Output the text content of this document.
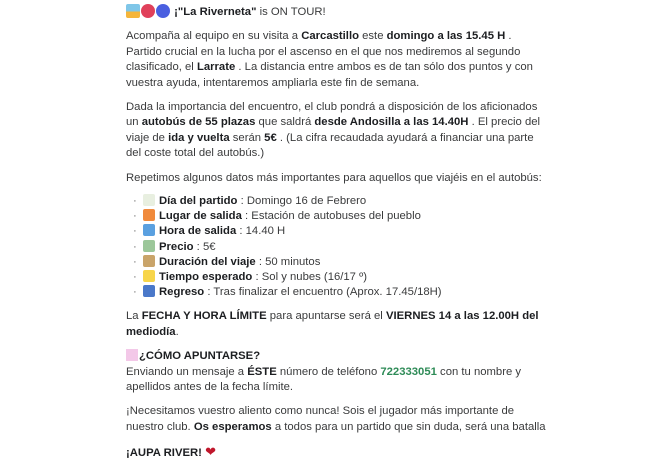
¡"La Riverneta" is ON TOUR!

Acompaña al equipo en su visita a Carcastillo este domingo a las 15.45 H .
Partido crucial en la lucha por el ascenso en el que nos mediremos al segundo clasificado, el Larrate . La distancia entre ambos es de tan sólo dos puntos y con vuestra ayuda, intentaremos ampliarla este fin de semana.

Dada la importancia del encuentro, el club pondrá a disposición de los aficionados un autobús de 55 plazas que saldrá desde Andosilla a las 14.40H . El precio del viaje de ida y vuelta serán 5€ . (La cifra recaudada ayudará a financiar una parte del coste total del autobús.)

Repetimos algunos datos más importantes para aquellos que viajéis en el autobús:

· Día del partido : Domingo 16 de Febrero
· Lugar de salida : Estación de autobuses del pueblo
· Hora de salida : 14.40 H
· Precio : 5€
· Duración del viaje : 50 minutos
· Tiempo esperado : Sol y nubes (16/17 º)
· Regreso : Tras finalizar el encuentro (Aprox. 17.45/18H)

La FECHA Y HORA LÍMITE para apuntarse será el VIERNES 14 a las 12.00H del mediodía.

¿CÓMO APUNTARSE?

Enviando un mensaje a ÉSTE número de teléfono 722333051 con tu nombre y apellidos antes de la fecha límite.

¡Necesitamos vuestro aliento como nunca! Sois el jugador más importante de nuestro club. Os esperamos a todos para un partido que sin duda, será una batalla

¡AUPA RIVER! ❤
